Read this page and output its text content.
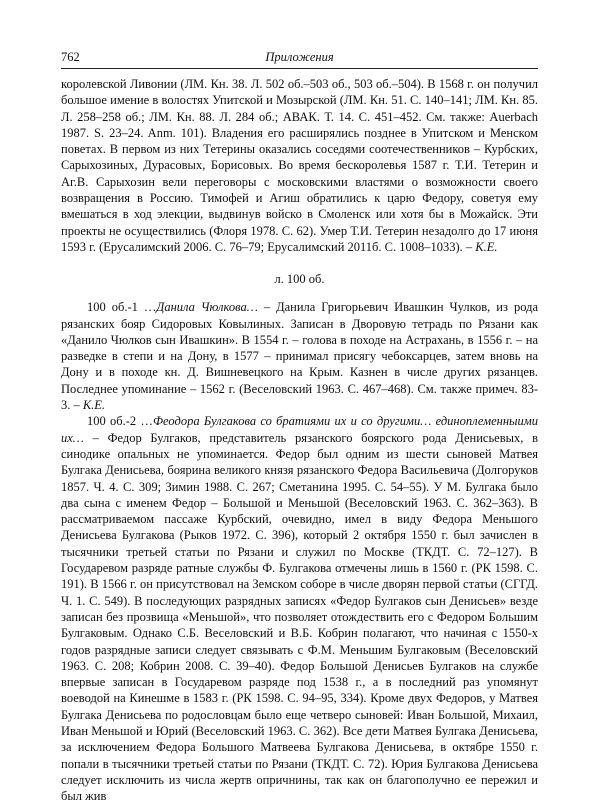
762	Приложения

королевской Ливонии (ЛМ. Кн. 38. Л. 502 об.–503 об., 503 об.–504). В 1568 г. он получил большое имение в волостях Упитской и Мозырской (ЛМ. Кн. 51. С. 140–141; ЛМ. Кн. 85. Л. 258–258 об.; ЛМ. Кн. 88. Л. 284 об.; АВАК. Т. 14. С. 451–452. См. также: Auerbach 1987. S. 23–24. Anm. 101). Владения его расширялись позднее в Упитском и Менском поветах. В первом из них Тетерины оказались соседями соотечественников – Курбских, Сарыхозиных, Дурасовых, Борисовых. Во время бескоролевья 1587 г. Т.И. Тетерин и Аг.В. Сарыхозин вели переговоры с московскими властями о возможности своего возвращения в Россию. Тимофей и Агиш обратились к царю Федору, советуя ему вмешаться в ход элекции, выдвинув войско в Смоленск или хотя бы в Можайск. Эти проекты не осуществились (Флоря 1978. С. 62). Умер Т.И. Тетерин незадолго до 17 июня 1593 г. (Ерусалимский 2006. С. 76–79; Ерусалимский 2011б. С. 1008–1033). – К.Е.

л. 100 об.

100 об.-1 …Данила Чюлкова… – Данила Григорьевич Ивашкин Чулков, из рода рязанских бояр Сидоровых Ковылиных. Записан в Дворовую тетрадь по Рязани как «Данило Чюлков сын Ивашкин». В 1554 г. – голова в походе на Астрахань, в 1556 г. – на разведке в степи и на Дону, в 1577 – принимал присягу чебоксарцев, затем вновь на Дону и в походе кн. Д. Вишневецкого на Крым. Казнен в числе других рязанцев. Последнее упоминание – 1562 г. (Веселовский 1963. С. 467–468). См. также примеч. 83-3. – К.Е.

100 об.-2 …Феодора Булгакова со братиями их и со другими… единоплеменныими их… – Федор Булгаков, представитель рязанского боярского рода Денисьевых, в синодике опальных не упоминается. Федор был одним из шести сыновей Матвея Булгака Денисьева, боярина великого князя рязанского Федора Васильевича (Долгоруков 1857. Ч. 4. С. 309; Зимин 1988. С. 267; Сметанина 1995. С. 54–55). У М. Булгака было два сына с именем Федор – Большой и Меньшой (Веселовский 1963. С. 362–363). В рассматриваемом пассаже Курбский, очевидно, имел в виду Федора Меньшого Денисьева Булгакова (Рыков 1972. С. 396), который 2 октября 1550 г. был зачислен в тысячники третьей статьи по Рязани и служил по Москве (ТКДТ. С. 72–127). В Государевом разряде ратные службы Ф. Булгакова отмечены лишь в 1560 г. (РК 1598. С. 191). В 1566 г. он присутствовал на Земском соборе в числе дворян первой статьи (СГГД. Ч. 1. С. 549). В последующих разрядных записях «Федор Булгаков сын Денисьев» везде записан без прозвища «Меньшой», что позволяет отождествить его с Федором Большим Булгаковым. Однако С.Б. Веселовский и В.Б. Кобрин полагают, что начиная с 1550-х годов разрядные записи следует связывать с Ф.М. Меньшим Булгаковым (Веселовский 1963. С. 208; Кобрин 2008. С. 39–40). Федор Большой Денисьев Булгаков на службе впервые записан в Государевом разряде под 1538 г., а в последний раз упомянут воеводой на Кинешме в 1583 г. (РК 1598. С. 94–95, 334). Кроме двух Федоров, у Матвея Булгака Денисьева по родословцам было еще четверо сыновей: Иван Большой, Михаил, Иван Меньшой и Юрий (Веселовский 1963. С. 362). Все дети Матвея Булгака Денисьева, за исключением Федора Большого Матвеева Булгакова Денисьева, в октябре 1550 г. попали в тысячники третьей статьи по Рязани (ТКДТ. С. 72). Юрия Булгакова Денисьева следует исключить из числа жертв опричнины, так как он благополучно ее пережил и был жив
